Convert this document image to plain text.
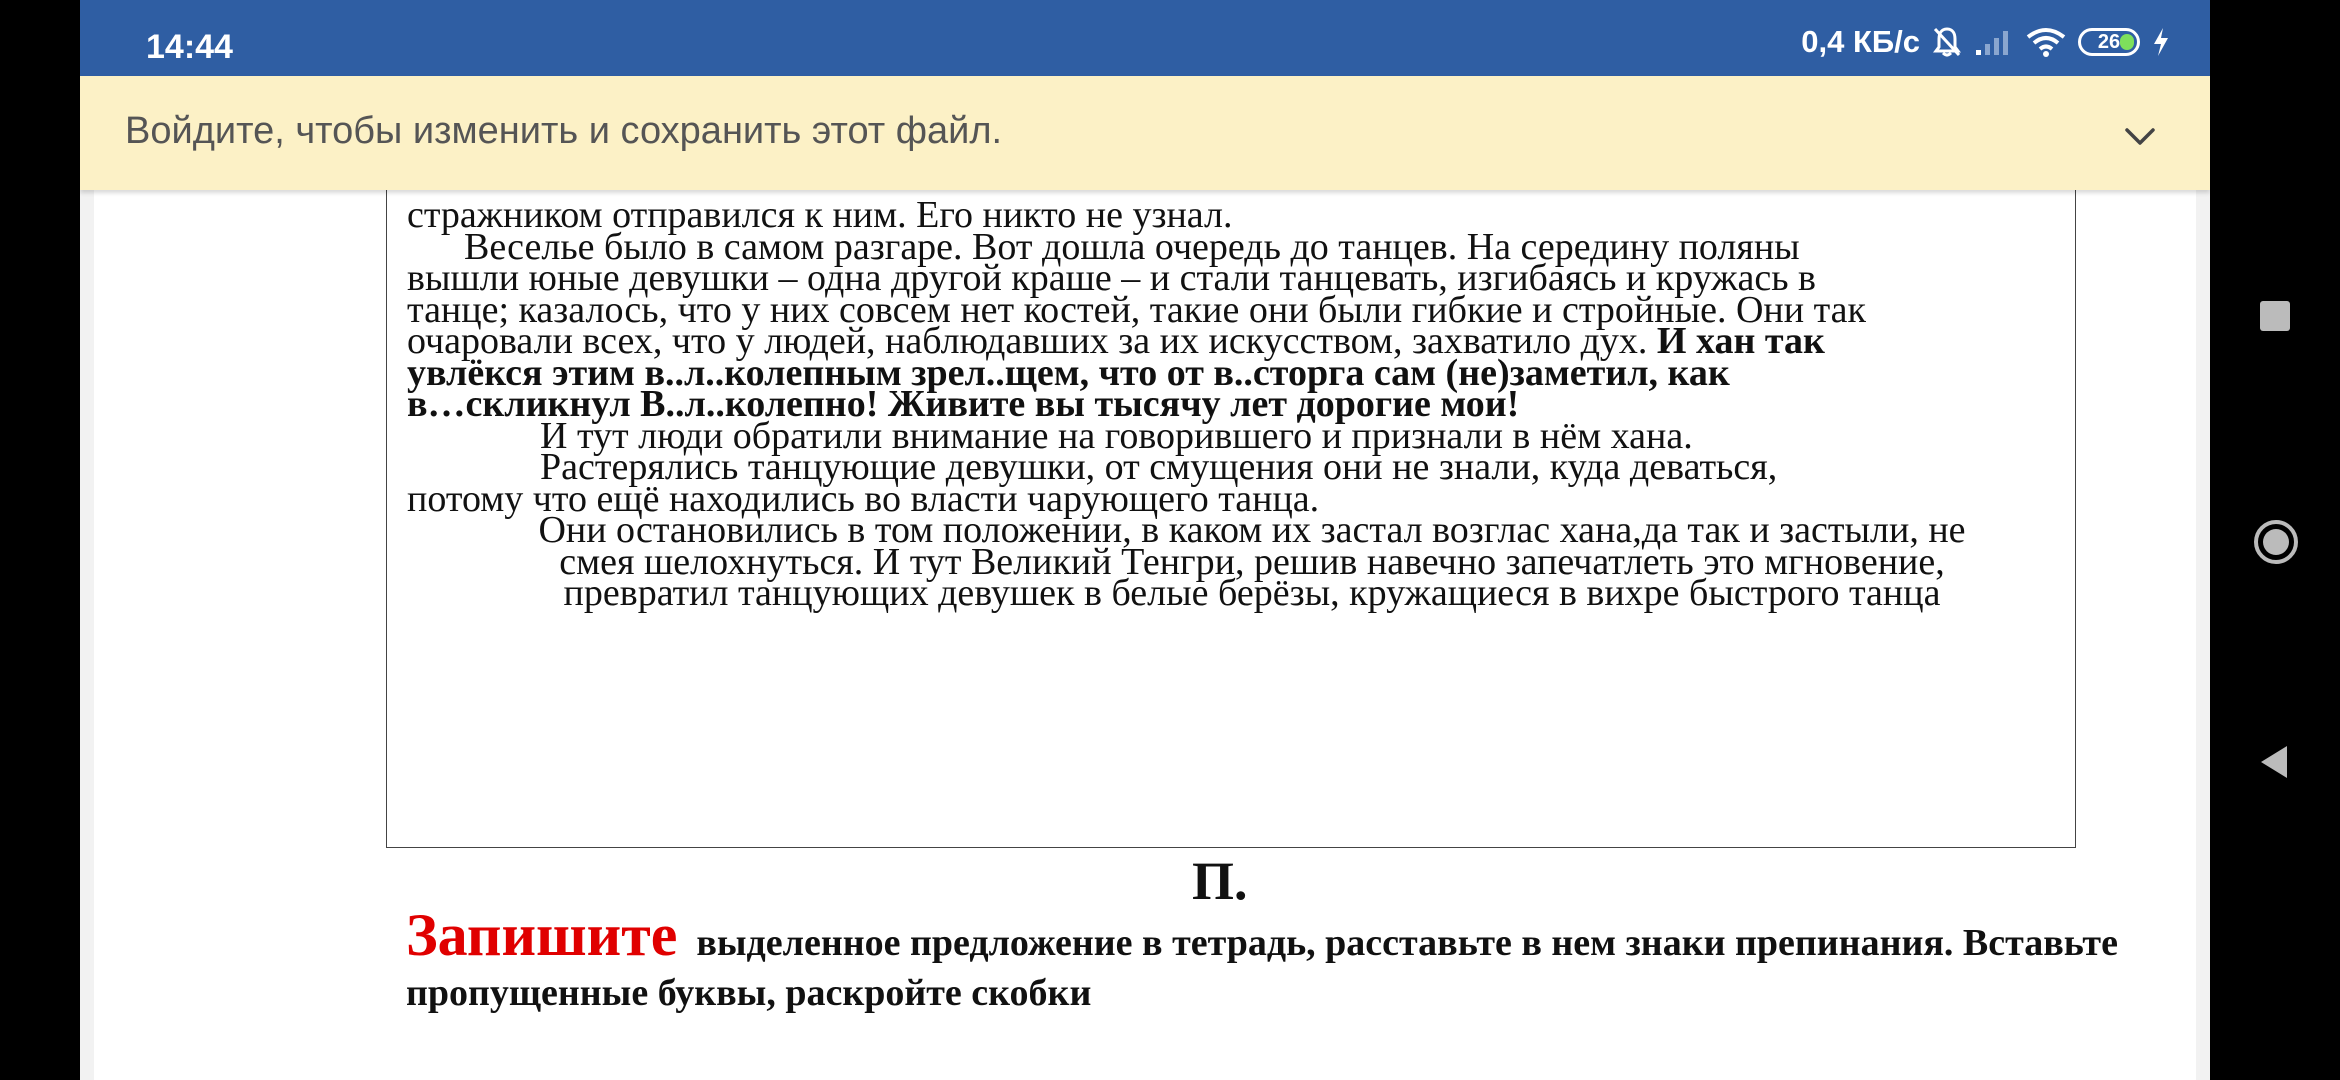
14:44	0,4 КБ/с	26
стражником отправился к ним. Его никто не узнал.
Веселье было в самом разгаре. Вот дошла очередь до танцев. На середину поляны
вышли юные девушки – одна другой краше – и стали танцевать, изгибаясь и кружась в
танце; казалось, что у них совсем нет костей, такие они были гибкие и стройные. Они так
очаровали всех, что у людей, наблюдавших за их искусством, захватило дух. И хан так
увлёкся этим в..л..колепным зрел..щем, что от в..сторга сам (не)заметил, как
в…скликнул В..л..колепно! Живите вы тысячу лет дорогие мои!
И тут люди обратили внимание на говорившего и признали в нём хана.
Растерялись танцующие девушки, от смущения они не знали, куда деваться,
потому что ещё находились во власти чарующего танца.
Они остановились в том положении, в каком их застал возглас хана,да так и застыли, не
смея шелохнуться. И тут Великий Тенгри, решив навечно запечатлеть это мгновение,
превратил танцующих девушек в белые берёзы, кружащиеся в вихре быстрого танца
П.
Запишите выделенное предложение в тетрадь, расставьте в нем знаки препинания. Вставьте пропущенные буквы, раскройте скобки
Войдите, чтобы изменить и сохранить этот файл.
